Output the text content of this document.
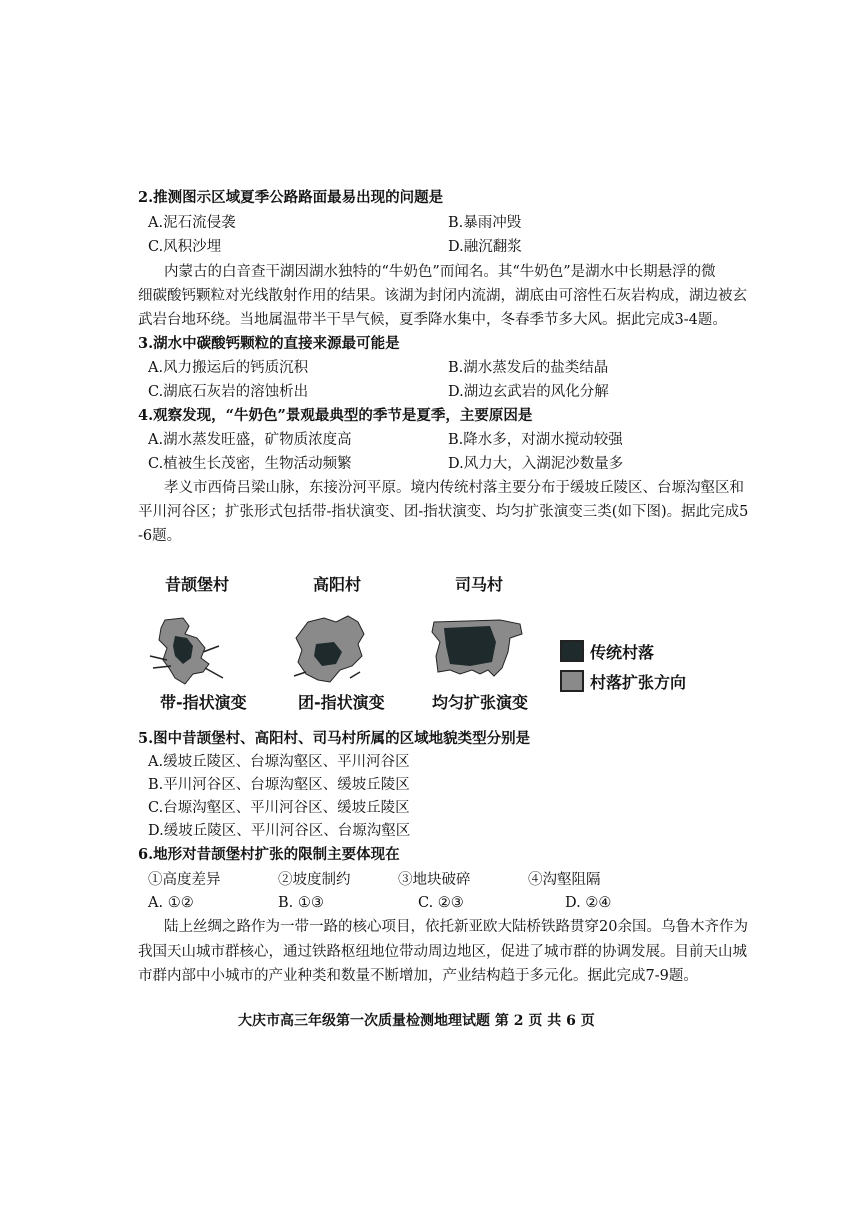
2.推测图示区域夏季公路路面最易出现的问题是
A.泥石流侵袭	B.暴雨冲毁
C.风积沙埋	D.融沉翻浆
内蒙古的白音查干湖因湖水独特的“牛奶色”而闻名。其“牛奶色”是湖水中长期悬浮的微
细碳酸钙颗粒对光线散射作用的结果。该湖为封闭内流湖，湖底由可溶性石灰岩构成，湖边被玄
武岩台地环绕。当地属温带半干旱气候，夏季降水集中，冬春季节多大风。据此完成3-4题。
3.湖水中碳酸钙颗粒的直接来源最可能是
A.风力搬运后的钙质沉积	B.湖水蒸发后的盐类结晶
C.湖底石灰岩的溶蚀析出	D.湖边玄武岩的风化分解
4.观察发现，“牛奶色”景观最典型的季节是夏季，主要原因是
A.湖水蒸发旺盛，矿物质浓度高	B.降水多，对湖水搅动较强
C.植被生长茂密，生物活动频繁	D.风力大，入湖泥沙数量多
孝义市西倚吕梁山脉，东接汾河平原。境内传统村落主要分布于缓坡丘陵区、台塬沟壑区和
平川河谷区；扩张形式包括带-指状演变、团-指状演变、均匀扩张演变三类(如下图)。据此完成5
-6题。
昔颉堡村	高阳村	司马村
带-指状演变	团-指状演变	均匀扩张演变
传统村落
村落扩张方向
5.图中昔颉堡村、高阳村、司马村所属的区域地貌类型分别是
A.缓坡丘陵区、台塬沟壑区、平川河谷区
B.平川河谷区、台塬沟壑区、缓坡丘陵区
C.台塬沟壑区、平川河谷区、缓坡丘陵区
D.缓坡丘陵区、平川河谷区、台塬沟壑区
6.地形对昔颉堡村扩张的限制主要体现在
①高度差异	②坡度制约	③地块破碎	④沟壑阻隔
A. ①②	B. ①③	C. ②③	D. ②④
陆上丝绸之路作为一带一路的核心项目，依托新亚欧大陆桥铁路贯穿20余国。乌鲁木齐作为
我国天山城市群核心，通过铁路枢纽地位带动周边地区，促进了城市群的协调发展。目前天山城
市群内部中小城市的产业种类和数量不断增加，产业结构趋于多元化。据此完成7-9题。
大庆市高三年级第一次质量检测地理试题 第 2 页 共 6 页
